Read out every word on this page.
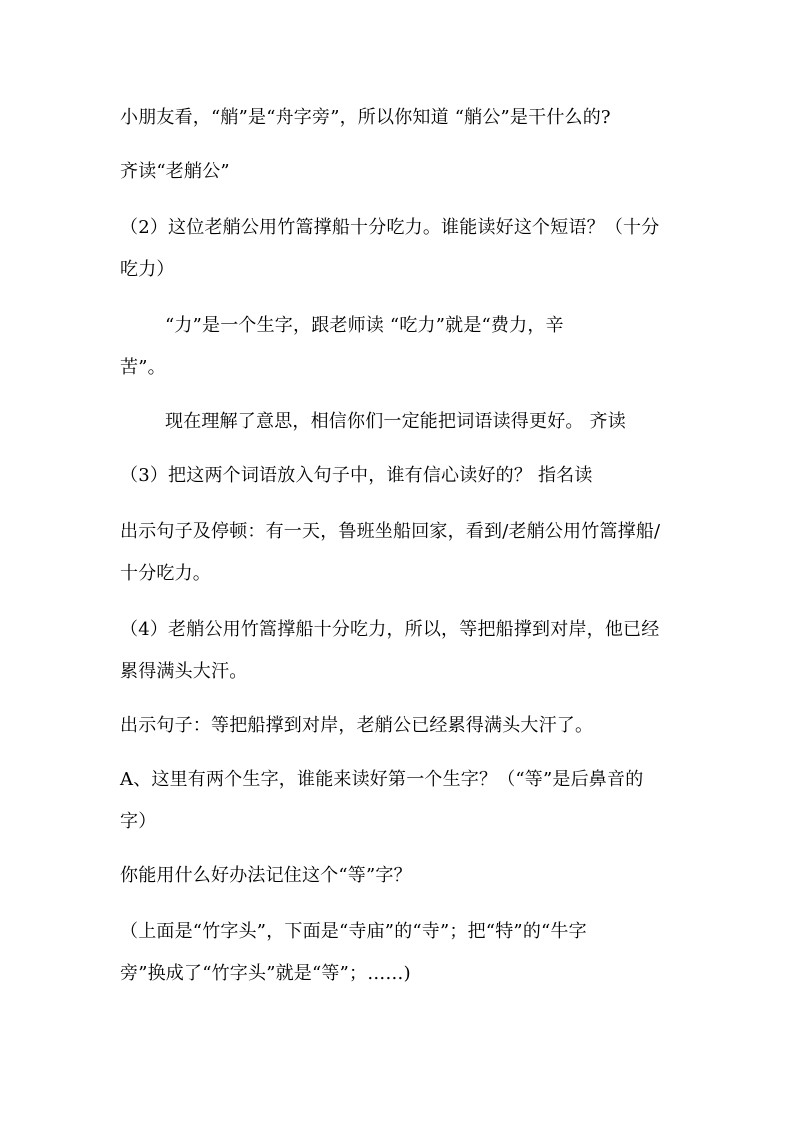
小朋友看，“艄”是“舟字旁”，所以你知道 “艄公”是干什么的?
齐读“老艄公”
（2）这位老艄公用竹篙撑船十分吃力。谁能读好这个短语？（十分
吃力）
“力”是一个生字，跟老师读 “吃力”就是“费力，辛
苦”。
现在理解了意思，相信你们一定能把词语读得更好。 齐读
（3）把这两个词语放入句子中，谁有信心读好的？ 指名读
出示句子及停顿：有一天，鲁班坐船回家，看到/老艄公用竹篙撑船/
十分吃力。
（4）老艄公用竹篙撑船十分吃力，所以，等把船撑到对岸，他已经
累得满头大汗。
出示句子：等把船撑到对岸，老艄公已经累得满头大汗了。
A、这里有两个生字，谁能来读好第一个生字？（“等”是后鼻音的
字）
你能用什么好办法记住这个“等”字？
（上面是“竹字头”，下面是“寺庙”的“寺”；把“特”的“牛字
旁”换成了“竹字头”就是“等”；……)
